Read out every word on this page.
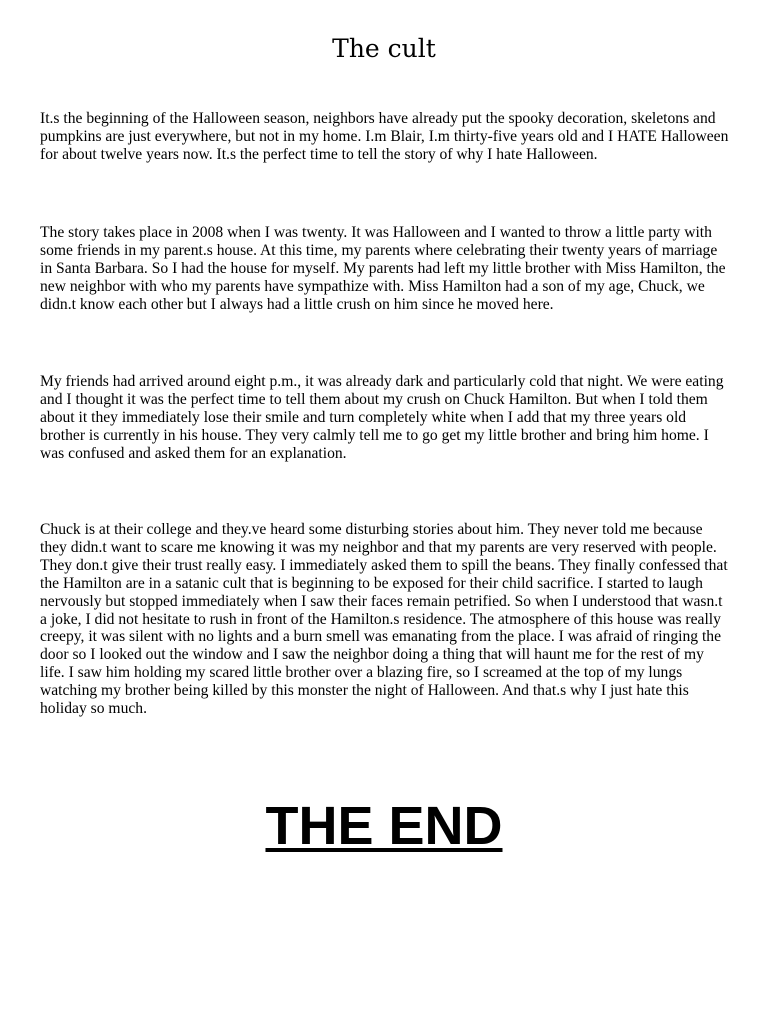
The cult

It.s the beginning of the Halloween season, neighbors have already put the spooky decoration, skeletons and pumpkins are just everywhere, but not in my home. I.m Blair, I.m thirty-five years old and I HATE Halloween for about twelve years now. It.s the perfect time to tell the story of why I hate Halloween.

The story takes place in 2008 when I was twenty. It was Halloween and I wanted to throw a little party with some friends in my parent.s house. At this time, my parents where celebrating their twenty years of marriage in Santa Barbara. So I had the house for myself. My parents had left my little brother with Miss Hamilton, the new neighbor with who my parents have sympathize with. Miss Hamilton had a son of my age, Chuck, we didn.t know each other but I always had a little crush on him since he moved here.

My friends had arrived around eight p.m., it was already dark and particularly cold that night. We were eating and I thought it was the perfect time to tell them about my crush on Chuck Hamilton. But when I told them about it they immediately lose their smile and turn completely white when I add that my three years old brother is currently in his house. They very calmly tell me to go get my little brother and bring him home. I was confused and asked them for an explanation.

Chuck is at their college and they.ve heard some disturbing stories about him. They never told me because they didn.t want to scare me knowing it was my neighbor and that my parents are very reserved with people. They don.t give their trust really easy. I immediately asked them to spill the beans. They finally confessed that the Hamilton are in a satanic cult that is beginning to be exposed for their child sacrifice. I started to laugh nervously but stopped immediately when I saw their faces remain petrified. So when I understood that wasn.t a joke, I did not hesitate to rush in front of the Hamilton.s residence. The atmosphere of this house was really creepy, it was silent with no lights and a burn smell was emanating from the place. I was afraid of ringing the door so I looked out the window and I saw the neighbor doing a thing that will haunt me for the rest of my life. I saw him holding my scared little brother over a blazing fire, so I screamed at the top of my lungs watching my brother being killed by this monster the night of Halloween. And that.s why I just hate this holiday so much.

THE END
